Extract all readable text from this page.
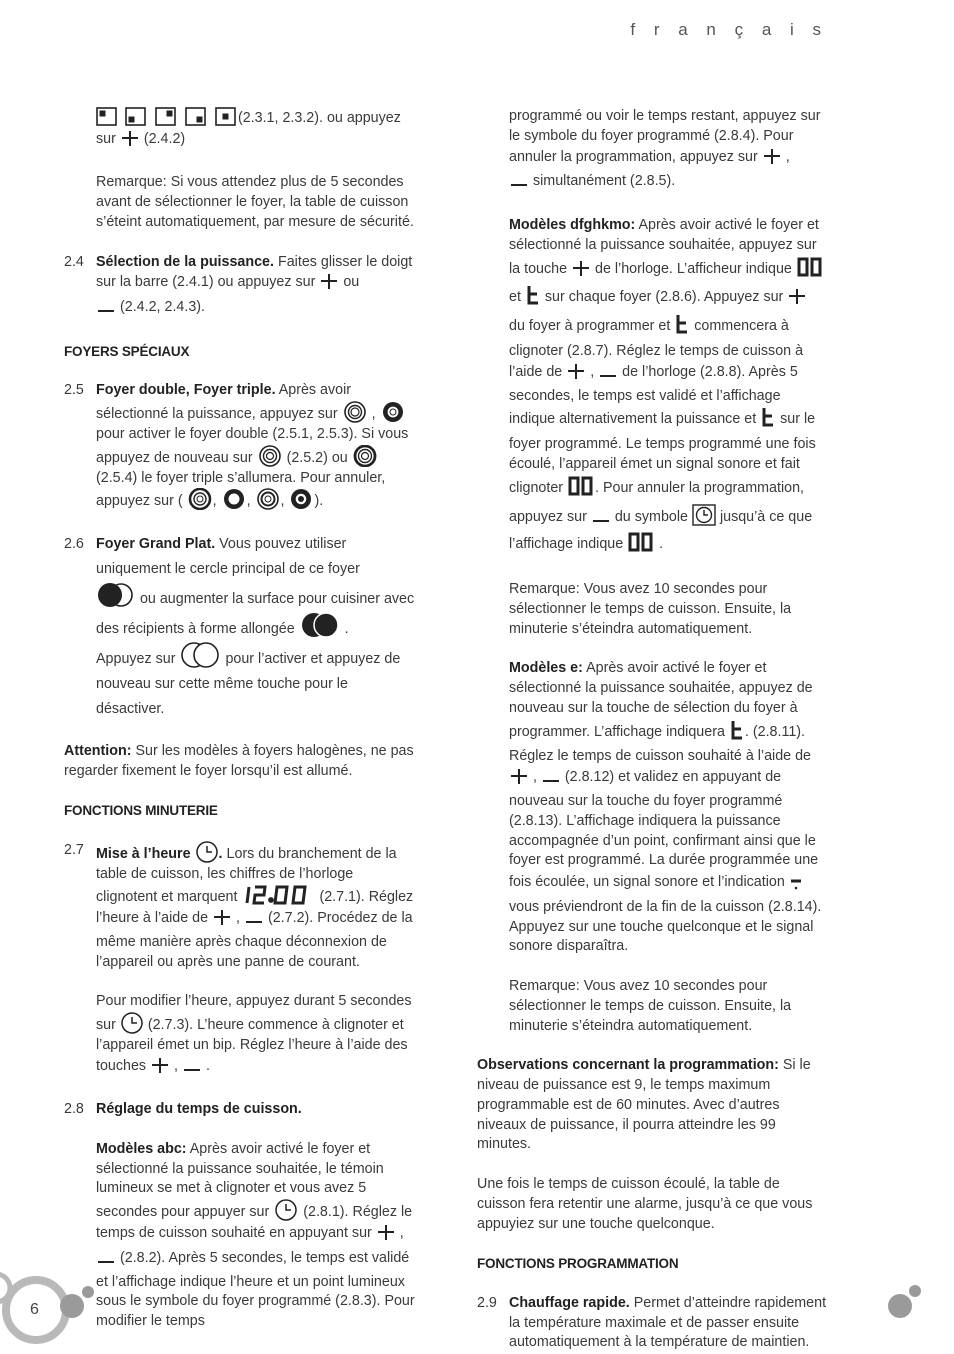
f r a n ç a i s

(2.3.1, 2.3.2). ou appuyez
sur (2.4.2)

Remarque: Si vous attendez plus de 5 secondes avant de sélectionner le foyer, la table de cuisson s’éteint automatiquement, par mesure de sécurité.

2.4 Sélection de la puissance. Faites glisser le doigt sur la barre (2.4.1) ou appuyez sur ou
(2.4.2, 2.4.3).
FOYERS SPÉCIAUX
2.5 Foyer double, Foyer triple. Après avoir sélectionné la puissance, appuyez sur
,
pour activer le foyer double (2.5.1, 2.5.3). Si vous appuyez de nouveau sur (2.5.2) ou
(2.5.4) le foyer triple s’allumera. Pour annuler, appuyez sur ( ,
,
,
).
2.6 Foyer Grand Plat. Vous pouvez utiliser uniquement le cercle principal de ce foyer

ou augmenter la surface pour cuisiner avec des récipients à forme allongée	.
Appuyez sur	pour l’activer et appuyez de nouveau sur cette même touche pour le désactiver.

Attention: Sur les modèles à foyers halogènes, ne pas regarder fixement le foyer lorsqu’il est allumé.

FONCTIONS MINUTERIE
2.7 Mise à l’heure . Lors du branchement de la table de cuisson, les chiffres de l’horloge clignotent et marquent	(2.7.1). Réglez l’heure à l’aide de  ,  (2.7.2). Procédez de la même manière après chaque déconnexion de l’appareil ou après une panne de courant.

Pour modifier l’heure, appuyez durant 5 secondes sur (2.7.3). L’heure commence à clignoter et l’appareil émet un bip. Réglez l’heure à l’aide des touches  ,  .

2.8 Réglage du temps de cuisson.

Modèles abc: Après avoir activé le foyer et sélectionné la puissance souhaitée, le témoin lumineux se met à clignoter et vous avez 5 secondes pour appuyer sur (2.8.1). Réglez le temps de cuisson souhaité en appuyant sur  ,  (2.8.2). Après 5 secondes, le temps est validé et l’affichage indique l’heure et un point lumineux sous le symbole du foyer programmé (2.8.3). Pour modifier le temps

programmé ou voir le temps restant, appuyez sur le symbole du foyer programmé (2.8.4). Pour annuler la programmation, appuyez sur  ,
simultanément (2.8.5).

Modèles dfghkmo: Après avoir activé le foyer et sélectionné la puissance souhaitée, appuyez sur la touche de l’horloge. L’afficheur indique  et sur chaque foyer (2.8.6). Appuyez sur  du foyer à programmer et commencera à clignoter (2.8.7). Réglez le temps de cuisson à l’aide de  ,  de l’horloge (2.8.8). Après 5 secondes, le temps est validé et l’affichage indique alternativement la puissance et sur le foyer programmé. Le temps programmé une fois écoulé, l’appareil émet un signal sonore et fait clignoter . Pour annuler la programmation, appuyez sur du symbole jusqu’à ce que l’affichage indique  .

Remarque: Vous avez 10 secondes pour sélectionner le temps de cuisson. Ensuite, la minuterie s’éteindra automatiquement.

Modèles e: Après avoir activé le foyer et sélectionné la puissance souhaitée, appuyez de nouveau sur la touche de sélection du foyer à programmer. L’affichage indiquera . (2.8.11). Réglez le temps de cuisson souhaité à l’aide de  ,  (2.8.12) et validez en appuyant de nouveau sur la touche du foyer programmé (2.8.13). L’affichage indiquera la puissance accompagnée d’un point, confirmant ainsi que le foyer est programmé. La durée programmée une fois écoulée, un signal sonore et l’indication  vous préviendront de la fin de la cuisson (2.8.14). Appuyez sur une touche quelconque et le signal sonore disparaîtra.

Remarque: Vous avez 10 secondes pour sélectionner le temps de cuisson. Ensuite, la minuterie s’éteindra automatiquement.

Observations concernant la programmation: Si le niveau de puissance est 9, le temps maximum programmable est de 60 minutes. Avec d’autres niveaux de puissance, il pourra atteindre les 99 minutes.

Une fois le temps de cuisson écoulé, la table de cuisson fera retentir une alarme, jusqu’à ce que vous appuyiez sur une touche quelconque.

FONCTIONS PROGRAMMATION
2.9 Chauffage rapide. Permet d’atteindre rapidement la température maximale et de passer ensuite automatiquement à la température de maintien.
6
